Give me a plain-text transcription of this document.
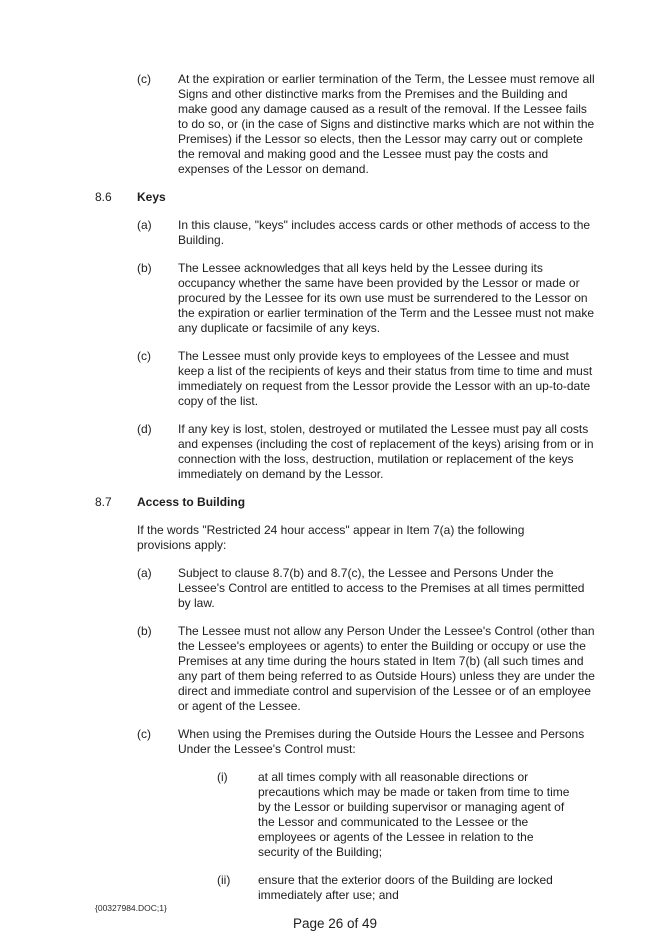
(c) At the expiration or earlier termination of the Term, the Lessee must remove all Signs and other distinctive marks from the Premises and the Building and make good any damage caused as a result of the removal. If the Lessee fails to do so, or (in the case of Signs and distinctive marks which are not within the Premises) if the Lessor so elects, then the Lessor may carry out or complete the removal and making good and the Lessee must pay the costs and expenses of the Lessor on demand.
8.6 Keys
(a) In this clause, "keys" includes access cards or other methods of access to the Building.
(b) The Lessee acknowledges that all keys held by the Lessee during its occupancy whether the same have been provided by the Lessor or made or procured by the Lessee for its own use must be surrendered to the Lessor on the expiration or earlier termination of the Term and the Lessee must not make any duplicate or facsimile of any keys.
(c) The Lessee must only provide keys to employees of the Lessee and must keep a list of the recipients of keys and their status from time to time and must immediately on request from the Lessor provide the Lessor with an up-to-date copy of the list.
(d) If any key is lost, stolen, destroyed or mutilated the Lessee must pay all costs and expenses (including the cost of replacement of the keys) arising from or in connection with the loss, destruction, mutilation or replacement of the keys immediately on demand by the Lessor.
8.7 Access to Building
If the words "Restricted 24 hour access" appear in Item 7(a) the following provisions apply:
(a) Subject to clause 8.7(b) and 8.7(c), the Lessee and Persons Under the Lessee's Control are entitled to access to the Premises at all times permitted by law.
(b) The Lessee must not allow any Person Under the Lessee's Control (other than the Lessee's employees or agents) to enter the Building or occupy or use the Premises at any time during the hours stated in Item 7(b) (all such times and any part of them being referred to as Outside Hours) unless they are under the direct and immediate control and supervision of the Lessee or of an employee or agent of the Lessee.
(c) When using the Premises during the Outside Hours the Lessee and Persons Under the Lessee's Control must:
(i)	at all times comply with all reasonable directions or precautions which may be made or taken from time to time by the Lessor or building supervisor or managing agent of the Lessor and communicated to the Lessee or the employees or agents of the Lessee in relation to the security of the Building;
(ii) ensure that the exterior doors of the Building are locked immediately after use; and
{00327984.DOC;1}
Page 26 of 49
